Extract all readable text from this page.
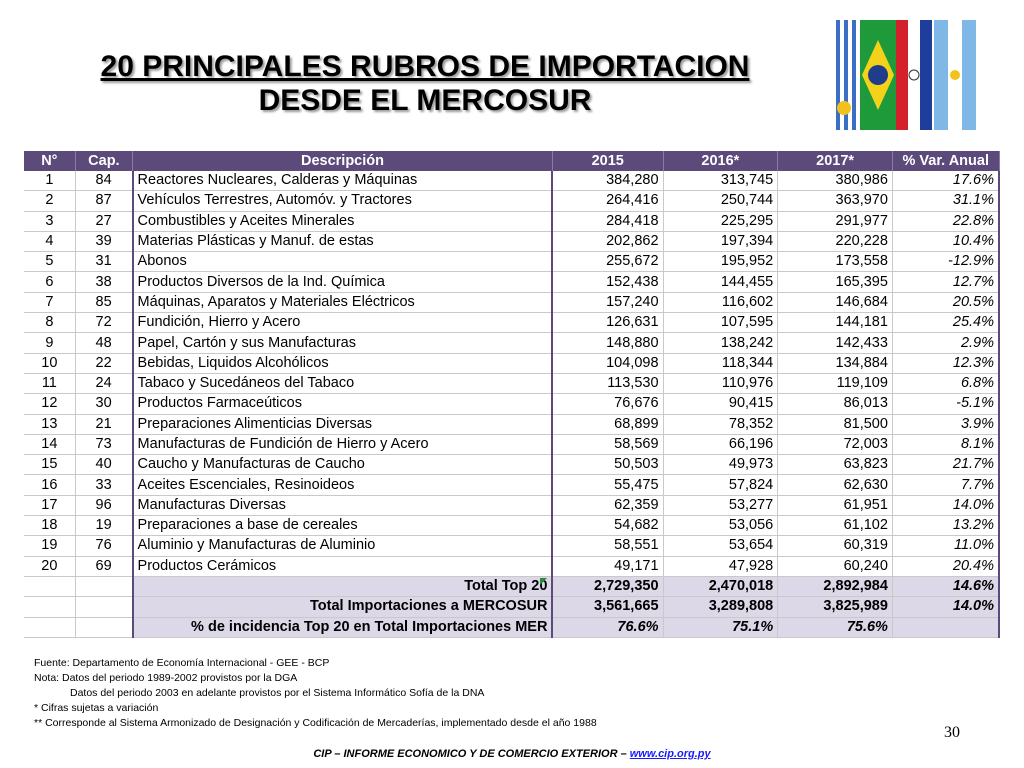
20 PRINCIPALES RUBROS DE IMPORTACION
DESDE EL MERCOSUR
N°	Cap.	Descripción	2015	2016*	2017*	% Var. Anual
1	84	Reactores Nucleares, Calderas y Máquinas	384,280	313,745	380,986	17.6%
2	87	Vehículos Terrestres, Automóv. y Tractores	264,416	250,744	363,970	31.1%
3	27	Combustibles y Aceites Minerales	284,418	225,295	291,977	22.8%
4	39	Materias Plásticas y Manuf. de estas	202,862	197,394	220,228	10.4%
5	31	Abonos	255,672	195,952	173,558	-12.9%
6	38	Productos Diversos de la Ind. Química	152,438	144,455	165,395	12.7%
7	85	Máquinas, Aparatos y Materiales Eléctricos	157,240	116,602	146,684	20.5%
8	72	Fundición, Hierro y Acero	126,631	107,595	144,181	25.4%
9	48	Papel, Cartón y sus Manufacturas	148,880	138,242	142,433	2.9%
10	22	Bebidas, Liquidos Alcohólicos	104,098	118,344	134,884	12.3%
11	24	Tabaco y Sucedáneos del Tabaco	113,530	110,976	119,109	6.8%
12	30	Productos Farmaceúticos	76,676	90,415	86,013	-5.1%
13	21	Preparaciones Alimenticias Diversas	68,899	78,352	81,500	3.9%
14	73	Manufacturas de Fundición de Hierro y Acero	58,569	66,196	72,003	8.1%
15	40	Caucho y Manufacturas de Caucho	50,503	49,973	63,823	21.7%
16	33	Aceites Escenciales, Resinoideos	55,475	57,824	62,630	7.7%
17	96	Manufacturas Diversas	62,359	53,277	61,951	14.0%
18	19	Preparaciones a base de cereales	54,682	53,056	61,102	13.2%
19	76	Aluminio y Manufacturas de Aluminio	58,551	53,654	60,319	11.0%
20	69	Productos Cerámicos	49,171	47,928	60,240	20.4%
		Total Top 20	2,729,350	2,470,018	2,892,984	14.6%
		Total Importaciones a MERCOSUR	3,561,665	3,289,808	3,825,989	14.0%
		% de incidencia Top 20 en Total Importaciones MER	76.6%	75.1%	75.6%	
Fuente: Departamento de Economía Internacional - GEE - BCP
Nota: Datos del periodo 1989-2002 provistos por la DGA
Datos del periodo 2003 en adelante provistos por el Sistema Informático Sofía de la DNA
* Cifras sujetas a variación
** Corresponde al Sistema Armonizado de Designación y Codificación de Mercaderías, implementado desde el año 1988
30
CIP – INFORME ECONOMICO Y DE COMERCIO EXTERIOR – www.cip.org.py
